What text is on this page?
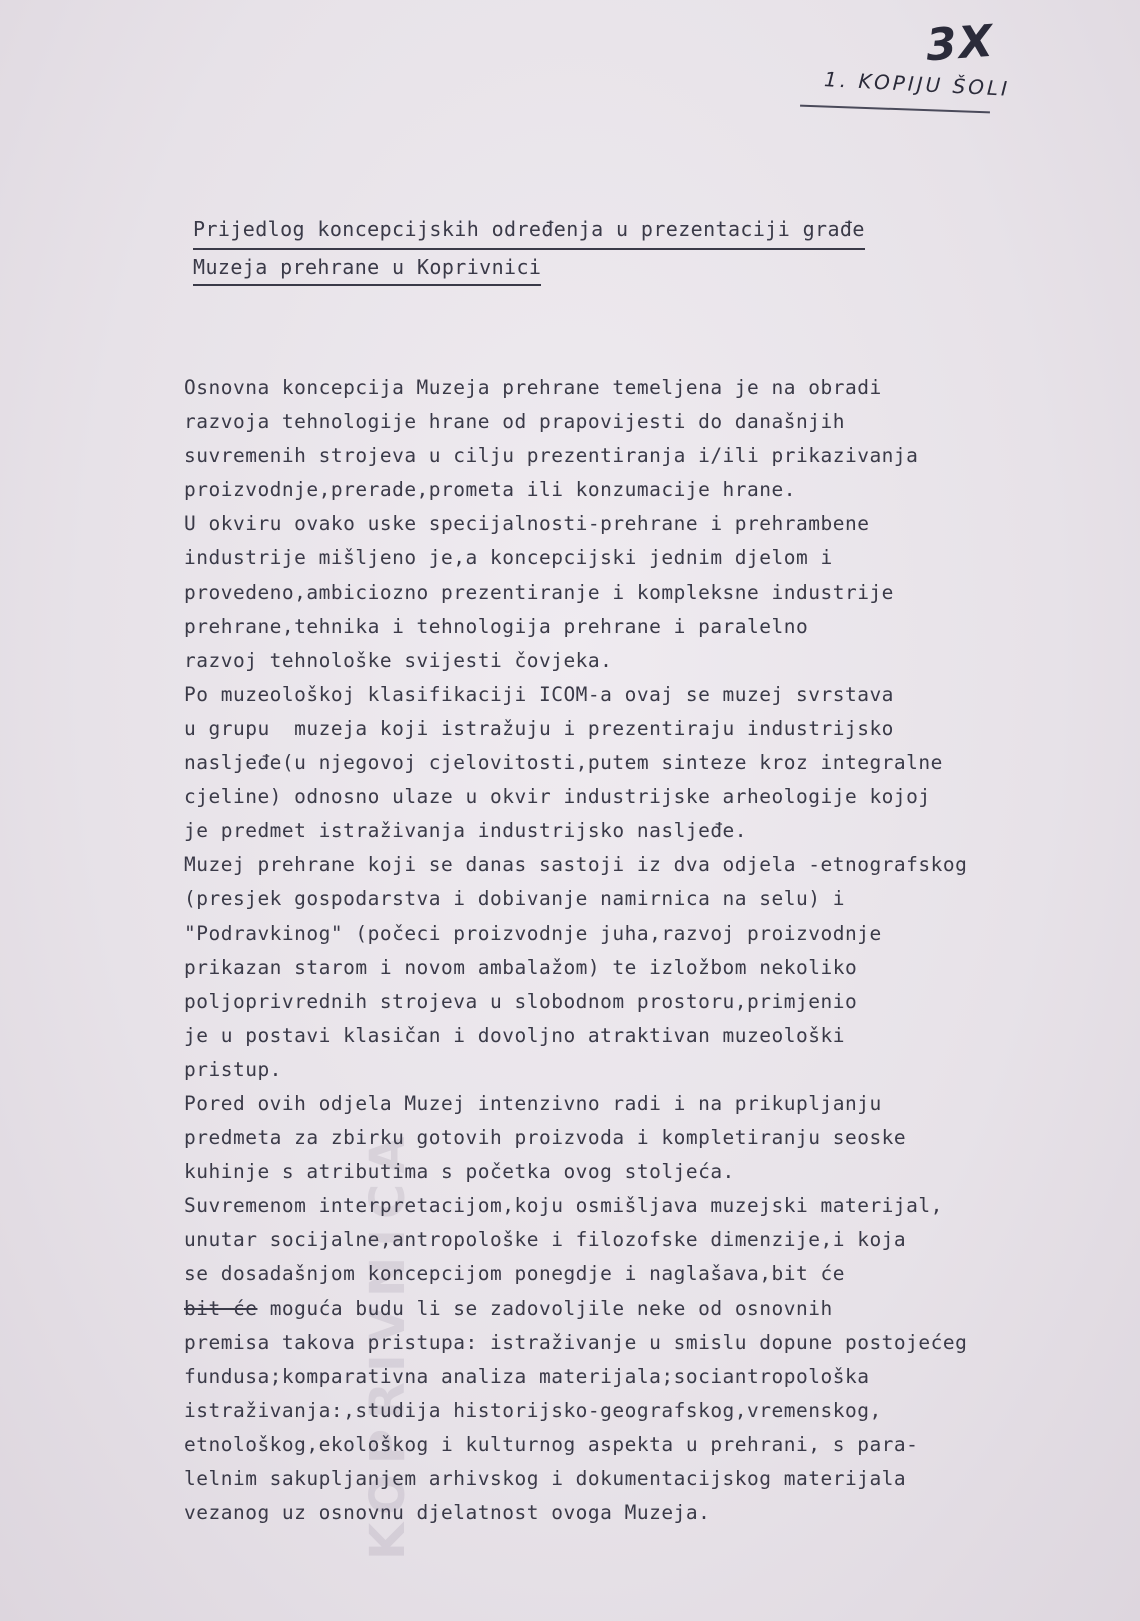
KOPRIVNICA
3X
1. KOPIJU ŠOLI
Prijedlog koncepcijskih određenja u prezentaciji građe
Muzeja prehrane u Koprivnici
Osnovna koncepcija Muzeja prehrane temeljena je na obradi
razvoja tehnologije hrane od prapovijesti do današnjih
suvremenih strojeva u cilju prezentiranja i/ili prikazivanja
proizvodnje,prerade,prometa ili konzumacije hrane.
U okviru ovako uske specijalnosti-prehrane i prehrambene
industrije mišljeno je,a koncepcijski jednim djelom i
provedeno,ambiciozno prezentiranje i kompleksne industrije
prehrane,tehnika i tehnologija prehrane i paralelno
razvoj tehnološke svijesti čovjeka.
Po muzeološkoj klasifikaciji ICOM-a ovaj se muzej svrstava
u grupu  muzeja koji istražuju i prezentiraju industrijsko
nasljeđe(u njegovoj cjelovitosti,putem sinteze kroz integralne
cjeline) odnosno ulaze u okvir industrijske arheologije kojoj
je predmet istraživanja industrijsko nasljeđe.
Muzej prehrane koji se danas sastoji iz dva odjela -etnografskog
(presjek gospodarstva i dobivanje namirnica na selu) i
"Podravkinog" (počeci proizvodnje juha,razvoj proizvodnje
prikazan starom i novom ambalažom) te izložbom nekoliko
poljoprivrednih strojeva u slobodnom prostoru,primjenio
je u postavi klasičan i dovoljno atraktivan muzeološki
pristup.
Pored ovih odjela Muzej intenzivno radi i na prikupljanju
predmeta za zbirku gotovih proizvoda i kompletiranju seoske
kuhinje s atributima s početka ovog stoljeća.
Suvremenom interpretacijom,koju osmišljava muzejski materijal,
unutar socijalne,antropološke i filozofske dimenzije,i koja
se dosadašnjom koncepcijom ponegdje i naglašava,bit će
bit će moguća budu li se zadovoljile neke od osnovnih
premisa takova pristupa: istraživanje u smislu dopune postojećeg
fundusa;komparativna analiza materijala;sociantropološka
istraživanja:,studija historijsko-geografskog,vremenskog,
etnološkog,ekološkog i kulturnog aspekta u prehrani, s para-
lelnim sakupljanjem arhivskog i dokumentacijskog materijala
vezanog uz osnovnu djelatnost ovoga Muzeja.
